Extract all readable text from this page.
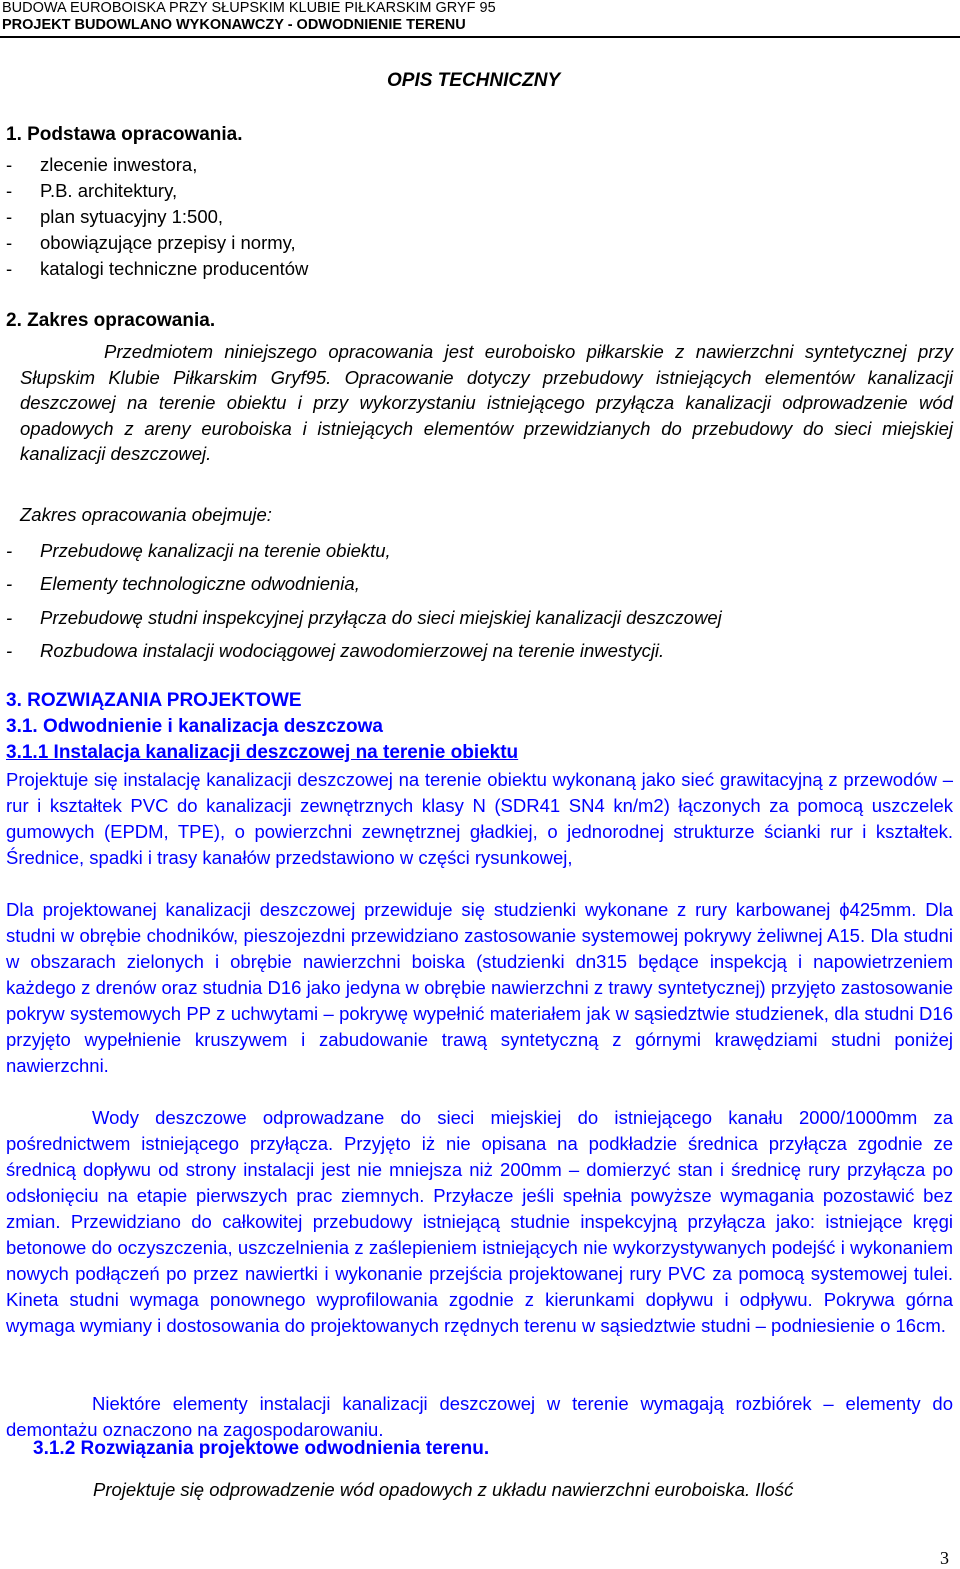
BUDOWA EUROBOISKA PRZY SŁUPSKIM KLUBIE PIŁKARSKIM GRYF 95
PROJEKT BUDOWLANO WYKONAWCZY - ODWODNIENIE TERENU
OPIS TECHNICZNY
1. Podstawa opracowania.
-	zlecenie inwestora,
-	P.B. architektury,
-	plan sytuacyjny 1:500,
-	obowiązujące przepisy i normy,
-	katalogi techniczne producentów
2. Zakres opracowania.
Przedmiotem niniejszego opracowania jest euroboisko piłkarskie z nawierzchni syntetycznej przy Słupskim Klubie Piłkarskim Gryf95. Opracowanie dotyczy przebudowy istniejących elementów kanalizacji deszczowej na terenie obiektu i przy wykorzystaniu istniejącego przyłącza kanalizacji odprowadzenie wód opadowych z areny euroboiska i istniejących elementów przewidzianych do przebudowy do sieci miejskiej kanalizacji deszczowej.
Zakres opracowania obejmuje:
-	Przebudowę kanalizacji na terenie obiektu,
-	Elementy technologiczne odwodnienia,
-	Przebudowę studni inspekcyjnej przyłącza do sieci miejskiej kanalizacji deszczowej
-	Rozbudowa instalacji wodociągowej zawodomierzowej na terenie inwestycji.
3. ROZWIĄZANIA PROJEKTOWE
3.1. Odwodnienie i kanalizacja deszczowa
3.1.1 Instalacja kanalizacji deszczowej na terenie obiektu
Projektuje się instalację kanalizacji deszczowej na terenie obiektu wykonaną jako sieć grawitacyjną z przewodów – rur i kształtek PVC do kanalizacji zewnętrznych klasy N (SDR41 SN4 kn/m2) łączonych za pomocą uszczelek gumowych (EPDM, TPE), o powierzchni zewnętrznej gładkiej, o jednorodnej strukturze ścianki rur i kształtek. Średnice, spadki i trasy kanałów przedstawiono w części rysunkowej,
Dla projektowanej kanalizacji deszczowej przewiduje się studzienki wykonane z rury karbowanej ϕ425mm. Dla studni w obrębie chodników, pieszojezdni przewidziano zastosowanie systemowej pokrywy żeliwnej A15. Dla studni w obszarach zielonych i obrębie nawierzchni boiska (studzienki dn315 będące inspekcją i napowietrzeniem każdego z drenów oraz studnia D16 jako jedyna w obrębie nawierzchni z trawy syntetycznej) przyjęto zastosowanie pokryw systemowych PP z uchwytami – pokrywę wypełnić materiałem jak w sąsiedztwie studzienek, dla studni D16 przyjęto wypełnienie kruszywem i zabudowanie trawą syntetyczną z górnymi krawędziami studni poniżej nawierzchni.
Wody deszczowe odprowadzane do sieci miejskiej do istniejącego kanału 2000/1000mm za pośrednictwem istniejącego przyłącza. Przyjęto iż nie opisana na podkładzie średnica przyłącza zgodnie ze średnicą dopływu od strony instalacji jest nie mniejsza niż 200mm – domierzyć stan i średnicę rury przyłącza po odsłonięciu na etapie pierwszych prac ziemnych. Przyłacze jeśli spełnia powyższe wymagania pozostawić bez zmian. Przewidziano do całkowitej przebudowy istniejącą studnie inspekcyjną przyłącza jako: istniejące kręgi betonowe do oczyszczenia, uszczelnienia z zaślepieniem istniejących nie wykorzystywanych podejść i wykonaniem nowych podłączeń po przez nawiertki i wykonanie przejścia projektowanej rury PVC za pomocą systemowej tulei. Kineta studni wymaga ponownego wyprofilowania zgodnie z kierunkami dopływu i odpływu. Pokrywa górna wymaga wymiany i dostosowania do projektowanych rzędnych terenu w sąsiedztwie studni – podniesienie o 16cm.
Niektóre elementy instalacji kanalizacji deszczowej w terenie wymagają rozbiórek – elementy do demontażu oznaczono na zagospodarowaniu.
3.1.2 Rozwiązania projektowe odwodnienia terenu.
Projektuje się odprowadzenie wód opadowych z układu nawierzchni euroboiska. Ilość
3
